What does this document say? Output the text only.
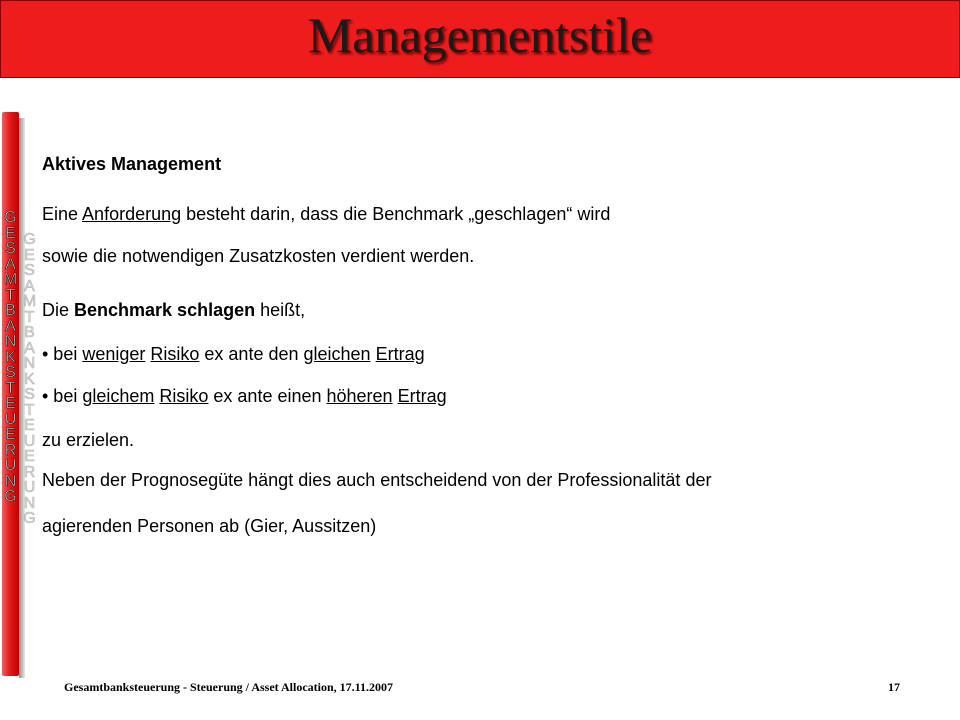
Managementstile
G
E
S
A
M
T
B
A
N
K
S
T
E
U
E
R
U
N
G
G
E
S
A
M
T
B
A
N
K
S
T
E
U
E
R
U
N
G

Aktives Management

Eine Anforderung besteht darin, dass die Benchmark „geschlagen“ wird

sowie die notwendigen Zusatzkosten verdient werden.

Die Benchmark schlagen heißt,

• bei weniger Risiko ex ante den gleichen Ertrag

• bei gleichem Risiko ex ante einen höheren Ertrag

zu erzielen.

Neben der Prognosegüte hängt dies auch entscheidend von der Professionalität der

agierenden Personen ab (Gier, Aussitzen)

Gesamtbanksteuerung - Steuerung / Asset Allocation, 17.11.2007	17
